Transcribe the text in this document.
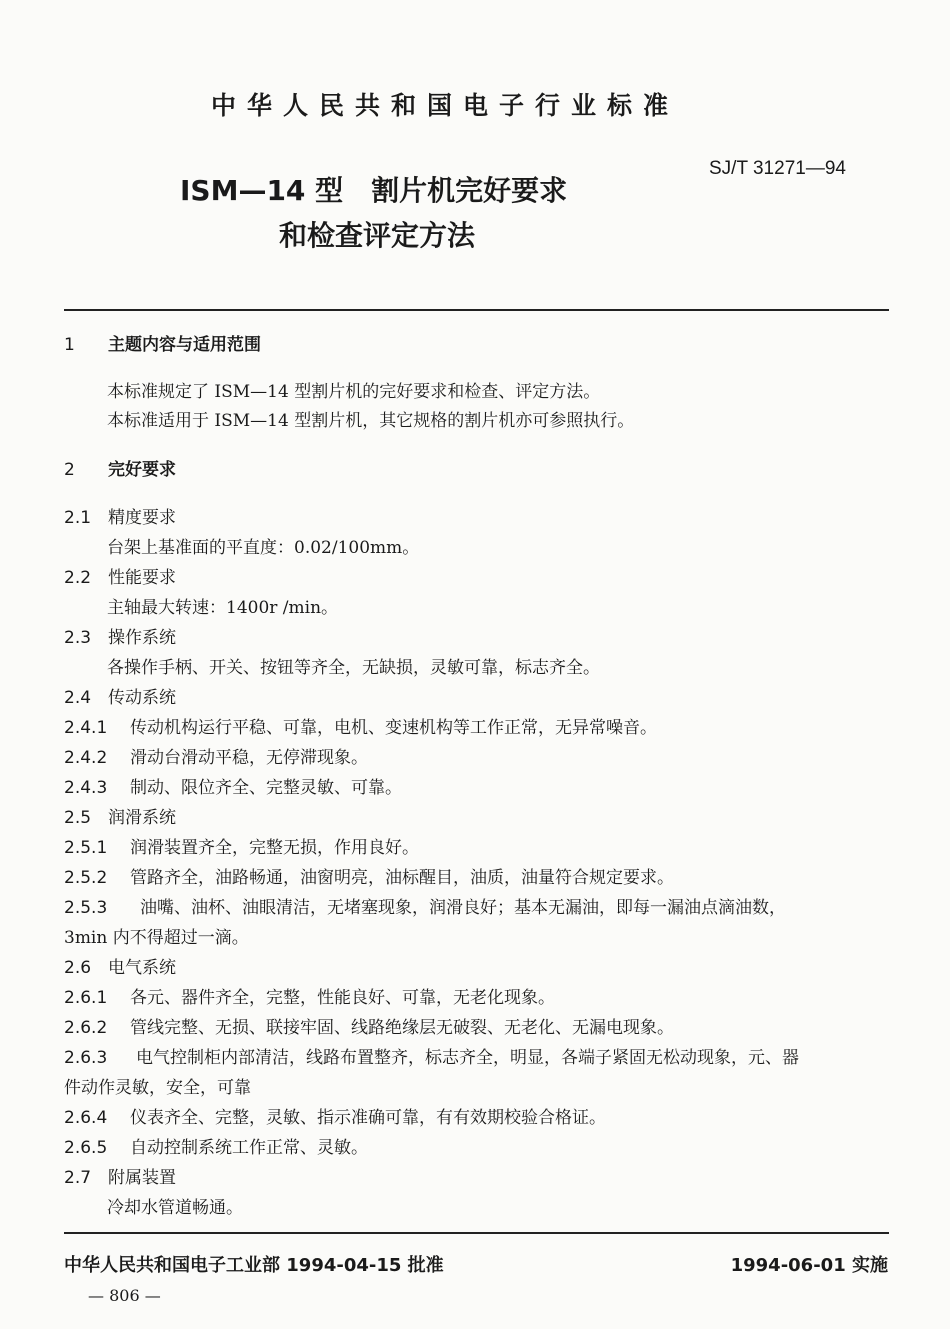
中华人民共和国电子行业标准
SJ/T 31271—94
ISM—14 型　割片机完好要求
和检查评定方法
1 主题内容与适用范围
本标准规定了 ISM—14 型割片机的完好要求和检查、评定方法。
本标准适用于 ISM—14 型割片机，其它规格的割片机亦可参照执行。
2 完好要求
2.1 精度要求
台架上基准面的平直度：0.02/100mm。
2.2 性能要求
主轴最大转速：1400r /min。
2.3 操作系统
各操作手柄、开关、按钮等齐全，无缺损，灵敏可靠，标志齐全。
2.4 传动系统
2.4.1 传动机构运行平稳、可靠，电机、变速机构等工作正常，无异常噪音。
2.4.2 滑动台滑动平稳，无停滞现象。
2.4.3 制动、限位齐全、完整灵敏、可靠。
2.5 润滑系统
2.5.1 润滑装置齐全，完整无损，作用良好。
2.5.2 管路齐全，油路畅通，油窗明亮，油标醒目，油质，油量符合规定要求。
2.5.3 油嘴、油杯、油眼清洁，无堵塞现象，润滑良好；基本无漏油，即每一漏油点滴油数，
3min 内不得超过一滴。
2.6 电气系统
2.6.1 各元、器件齐全，完整，性能良好、可靠，无老化现象。
2.6.2 管线完整、无损、联接牢固、线路绝缘层无破裂、无老化、无漏电现象。
2.6.3 电气控制柜内部清洁，线路布置整齐，标志齐全，明显，各端子紧固无松动现象，元、器
件动作灵敏，安全，可靠
2.6.4 仪表齐全、完整，灵敏、指示准确可靠，有有效期校验合格证。
2.6.5 自动控制系统工作正常、灵敏。
2.7 附属装置
冷却水管道畅通。
中华人民共和国电子工业部 1994-04-15 批准	1994-06-01 实施
— 806 —
